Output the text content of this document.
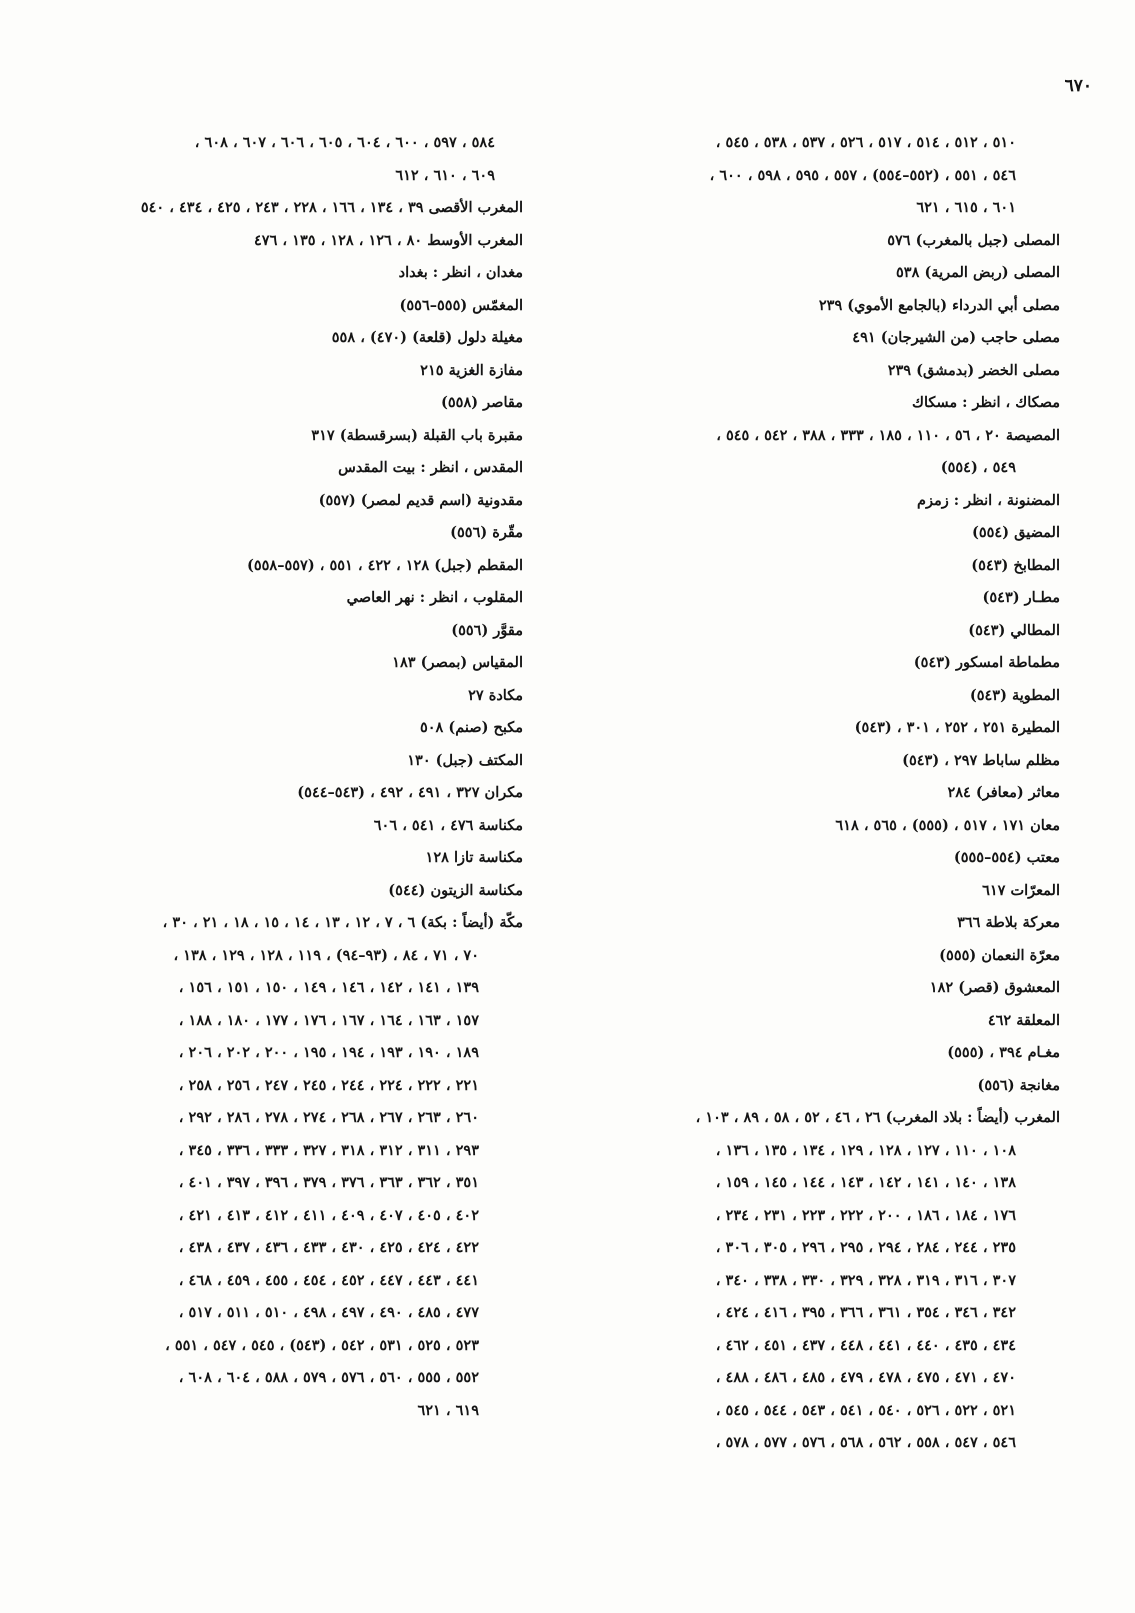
٦٧٠
٥١٠ ، ٥١٢ ، ٥١٤ ، ٥١٧ ، ٥٢٦ ، ٥٣٧ ، ٥٣٨ ، ٥٤٥ ،
٥٤٦ ، ٥٥١ ، (٥٥٢–٥٥٤) ، ٥٥٧ ، ٥٩٥ ، ٥٩٨ ، ٦٠٠ ،
٦٠١ ، ٦١٥ ، ٦٢١
المصلى (جبل بالمغرب) ٥٧٦
المصلى (ربض المرية) ٥٣٨
مصلى أبي الدرداء (بالجامع الأموي) ٢٣٩
مصلى حاجب (من الشيرجان) ٤٩١
مصلى الخضر (بدمشق) ٢٣٩
مصكاك ، انظر : مسكاك
المصيصة ٢٠ ، ٥٦ ، ١١٠ ، ١٨٥ ، ٣٣٣ ، ٣٨٨ ، ٥٤٢ ، ٥٤٥ ،
٥٤٩ ، (٥٥٤)
المضنونة ، انظر : زمزم
المضيق (٥٥٤)
المطابخ (٥٤٣)
مطـار (٥٤٣)
المطالي (٥٤٣)
مطماطة امسكور (٥٤٣)
المطوية (٥٤٣)
المطيرة ٢٥١ ، ٢٥٢ ، ٣٠١ ، (٥٤٣)
مظلم ساباط ٢٩٧ ، (٥٤٣)
معاثر (معافر) ٢٨٤
معان ١٧١ ، ٥١٧ ، (٥٥٥) ، ٥٦٥ ، ٦١٨
معتب (٥٥٤–٥٥٥)
المعرّات ٦١٧
معركة بلاطة ٣٦٦
معرّة النعمان (٥٥٥)
المعشوق (قصر) ١٨٢
المعلقة ٤٦٢
مغـام ٣٩٤ ، (٥٥٥)
مغانجة (٥٥٦)
المغرب (أيضاً : بلاد المغرب) ٢٦ ، ٤٦ ، ٥٢ ، ٥٨ ، ٨٩ ، ١٠٣ ،
١٠٨ ، ١١٠ ، ١٢٧ ، ١٢٨ ، ١٢٩ ، ١٣٤ ، ١٣٥ ، ١٣٦ ،
١٣٨ ، ١٤٠ ، ١٤١ ، ١٤٢ ، ١٤٣ ، ١٤٤ ، ١٤٥ ، ١٥٩ ،
١٧٦ ، ١٨٤ ، ١٨٦ ، ٢٠٠ ، ٢٢٢ ، ٢٢٣ ، ٢٣١ ، ٢٣٤ ،
٢٣٥ ، ٢٤٤ ، ٢٨٤ ، ٢٩٤ ، ٢٩٥ ، ٢٩٦ ، ٣٠٥ ، ٣٠٦ ،
٣٠٧ ، ٣١٦ ، ٣١٩ ، ٣٢٨ ، ٣٢٩ ، ٣٣٠ ، ٣٣٨ ، ٣٤٠ ،
٣٤٢ ، ٣٤٦ ، ٣٥٤ ، ٣٦١ ، ٣٦٦ ، ٣٩٥ ، ٤١٦ ، ٤٢٤ ،
٤٣٤ ، ٤٣٥ ، ٤٤٠ ، ٤٤١ ، ٤٤٨ ، ٤٣٧ ، ٤٥١ ، ٤٦٢ ،
٤٧٠ ، ٤٧١ ، ٤٧٥ ، ٤٧٨ ، ٤٧٩ ، ٤٨٥ ، ٤٨٦ ، ٤٨٨ ،
٥٢١ ، ٥٢٢ ، ٥٢٦ ، ٥٤٠ ، ٥٤١ ، ٥٤٣ ، ٥٤٤ ، ٥٤٥ ،
٥٤٦ ، ٥٤٧ ، ٥٥٨ ، ٥٦٢ ، ٥٦٨ ، ٥٧٦ ، ٥٧٧ ، ٥٧٨ ،
٥٨٤ ، ٥٩٧ ، ٦٠٠ ، ٦٠٤ ، ٦٠٥ ، ٦٠٦ ، ٦٠٧ ، ٦٠٨ ،
٦٠٩ ، ٦١٠ ، ٦١٢
المغرب الأقصى ٣٩ ، ١٣٤ ، ١٦٦ ، ٢٢٨ ، ٢٤٣ ، ٤٢٥ ، ٤٣٤ ، ٥٤٠
المغرب الأوسط ٨٠ ، ١٢٦ ، ١٢٨ ، ١٣٥ ، ٤٧٦
مغدان ، انظر : بغداد
المغمّس (٥٥٥–٥٥٦)
مغيلة دلول (قلعة) (٤٧٠) ، ٥٥٨
مفازة الغزية ٢١٥
مقاصر (٥٥٨)
مقبرة باب القبلة (بسرقسطة) ٣١٧
المقدس ، انظر : بيت المقدس
مقدونية (اسم قديم لمصر) (٥٥٧)
مقّرة (٥٥٦)
المقطم (جبل) ١٢٨ ، ٤٢٢ ، ٥٥١ ، (٥٥٧–٥٥٨)
المقلوب ، انظر : نهر العاصي
مقوَّر (٥٥٦)
المقياس (بمصر) ١٨٣
مكادة ٢٧
مكبح (صنم) ٥٠٨
المكتف (جبل) ١٣٠
مكران ٣٢٧ ، ٤٩١ ، ٤٩٢ ، (٥٤٣–٥٤٤)
مكناسة ٤٧٦ ، ٥٤١ ، ٦٠٦
مكناسة تازا ١٢٨
مكناسة الزيتون (٥٤٤)
مكّة (أيضاً : بكة) ٦ ، ٧ ، ١٢ ، ١٣ ، ١٤ ، ١٥ ، ١٨ ، ٢١ ، ٣٠ ،
٧٠ ، ٧١ ، ٨٤ ، (٩٣–٩٤) ، ١١٩ ، ١٢٨ ، ١٢٩ ، ١٣٨ ،
١٣٩ ، ١٤١ ، ١٤٢ ، ١٤٦ ، ١٤٩ ، ١٥٠ ، ١٥١ ، ١٥٦ ،
١٥٧ ، ١٦٣ ، ١٦٤ ، ١٦٧ ، ١٧٦ ، ١٧٧ ، ١٨٠ ، ١٨٨ ،
١٨٩ ، ١٩٠ ، ١٩٣ ، ١٩٤ ، ١٩٥ ، ٢٠٠ ، ٢٠٢ ، ٢٠٦ ،
٢٢١ ، ٢٢٢ ، ٢٢٤ ، ٢٤٤ ، ٢٤٥ ، ٢٤٧ ، ٢٥٦ ، ٢٥٨ ،
٢٦٠ ، ٢٦٣ ، ٢٦٧ ، ٢٦٨ ، ٢٧٤ ، ٢٧٨ ، ٢٨٦ ، ٢٩٢ ،
٢٩٣ ، ٣١١ ، ٣١٢ ، ٣١٨ ، ٣٢٧ ، ٣٣٣ ، ٣٣٦ ، ٣٤٥ ،
٣٥١ ، ٣٦٢ ، ٣٦٣ ، ٣٧٦ ، ٣٧٩ ، ٣٩٦ ، ٣٩٧ ، ٤٠١ ،
٤٠٢ ، ٤٠٥ ، ٤٠٧ ، ٤٠٩ ، ٤١١ ، ٤١٢ ، ٤١٣ ، ٤٢١ ،
٤٢٢ ، ٤٢٤ ، ٤٢٥ ، ٤٣٠ ، ٤٣٣ ، ٤٣٦ ، ٤٣٧ ، ٤٣٨ ،
٤٤١ ، ٤٤٣ ، ٤٤٧ ، ٤٥٢ ، ٤٥٤ ، ٤٥٥ ، ٤٥٩ ، ٤٦٨ ،
٤٧٧ ، ٤٨٥ ، ٤٩٠ ، ٤٩٧ ، ٤٩٨ ، ٥١٠ ، ٥١١ ، ٥١٧ ،
٥٢٣ ، ٥٢٥ ، ٥٣١ ، ٥٤٢ ، (٥٤٣) ، ٥٤٥ ، ٥٤٧ ، ٥٥١ ،
٥٥٢ ، ٥٥٥ ، ٥٦٠ ، ٥٧٦ ، ٥٧٩ ، ٥٨٨ ، ٦٠٤ ، ٦٠٨ ،
٦١٩ ، ٦٢١
